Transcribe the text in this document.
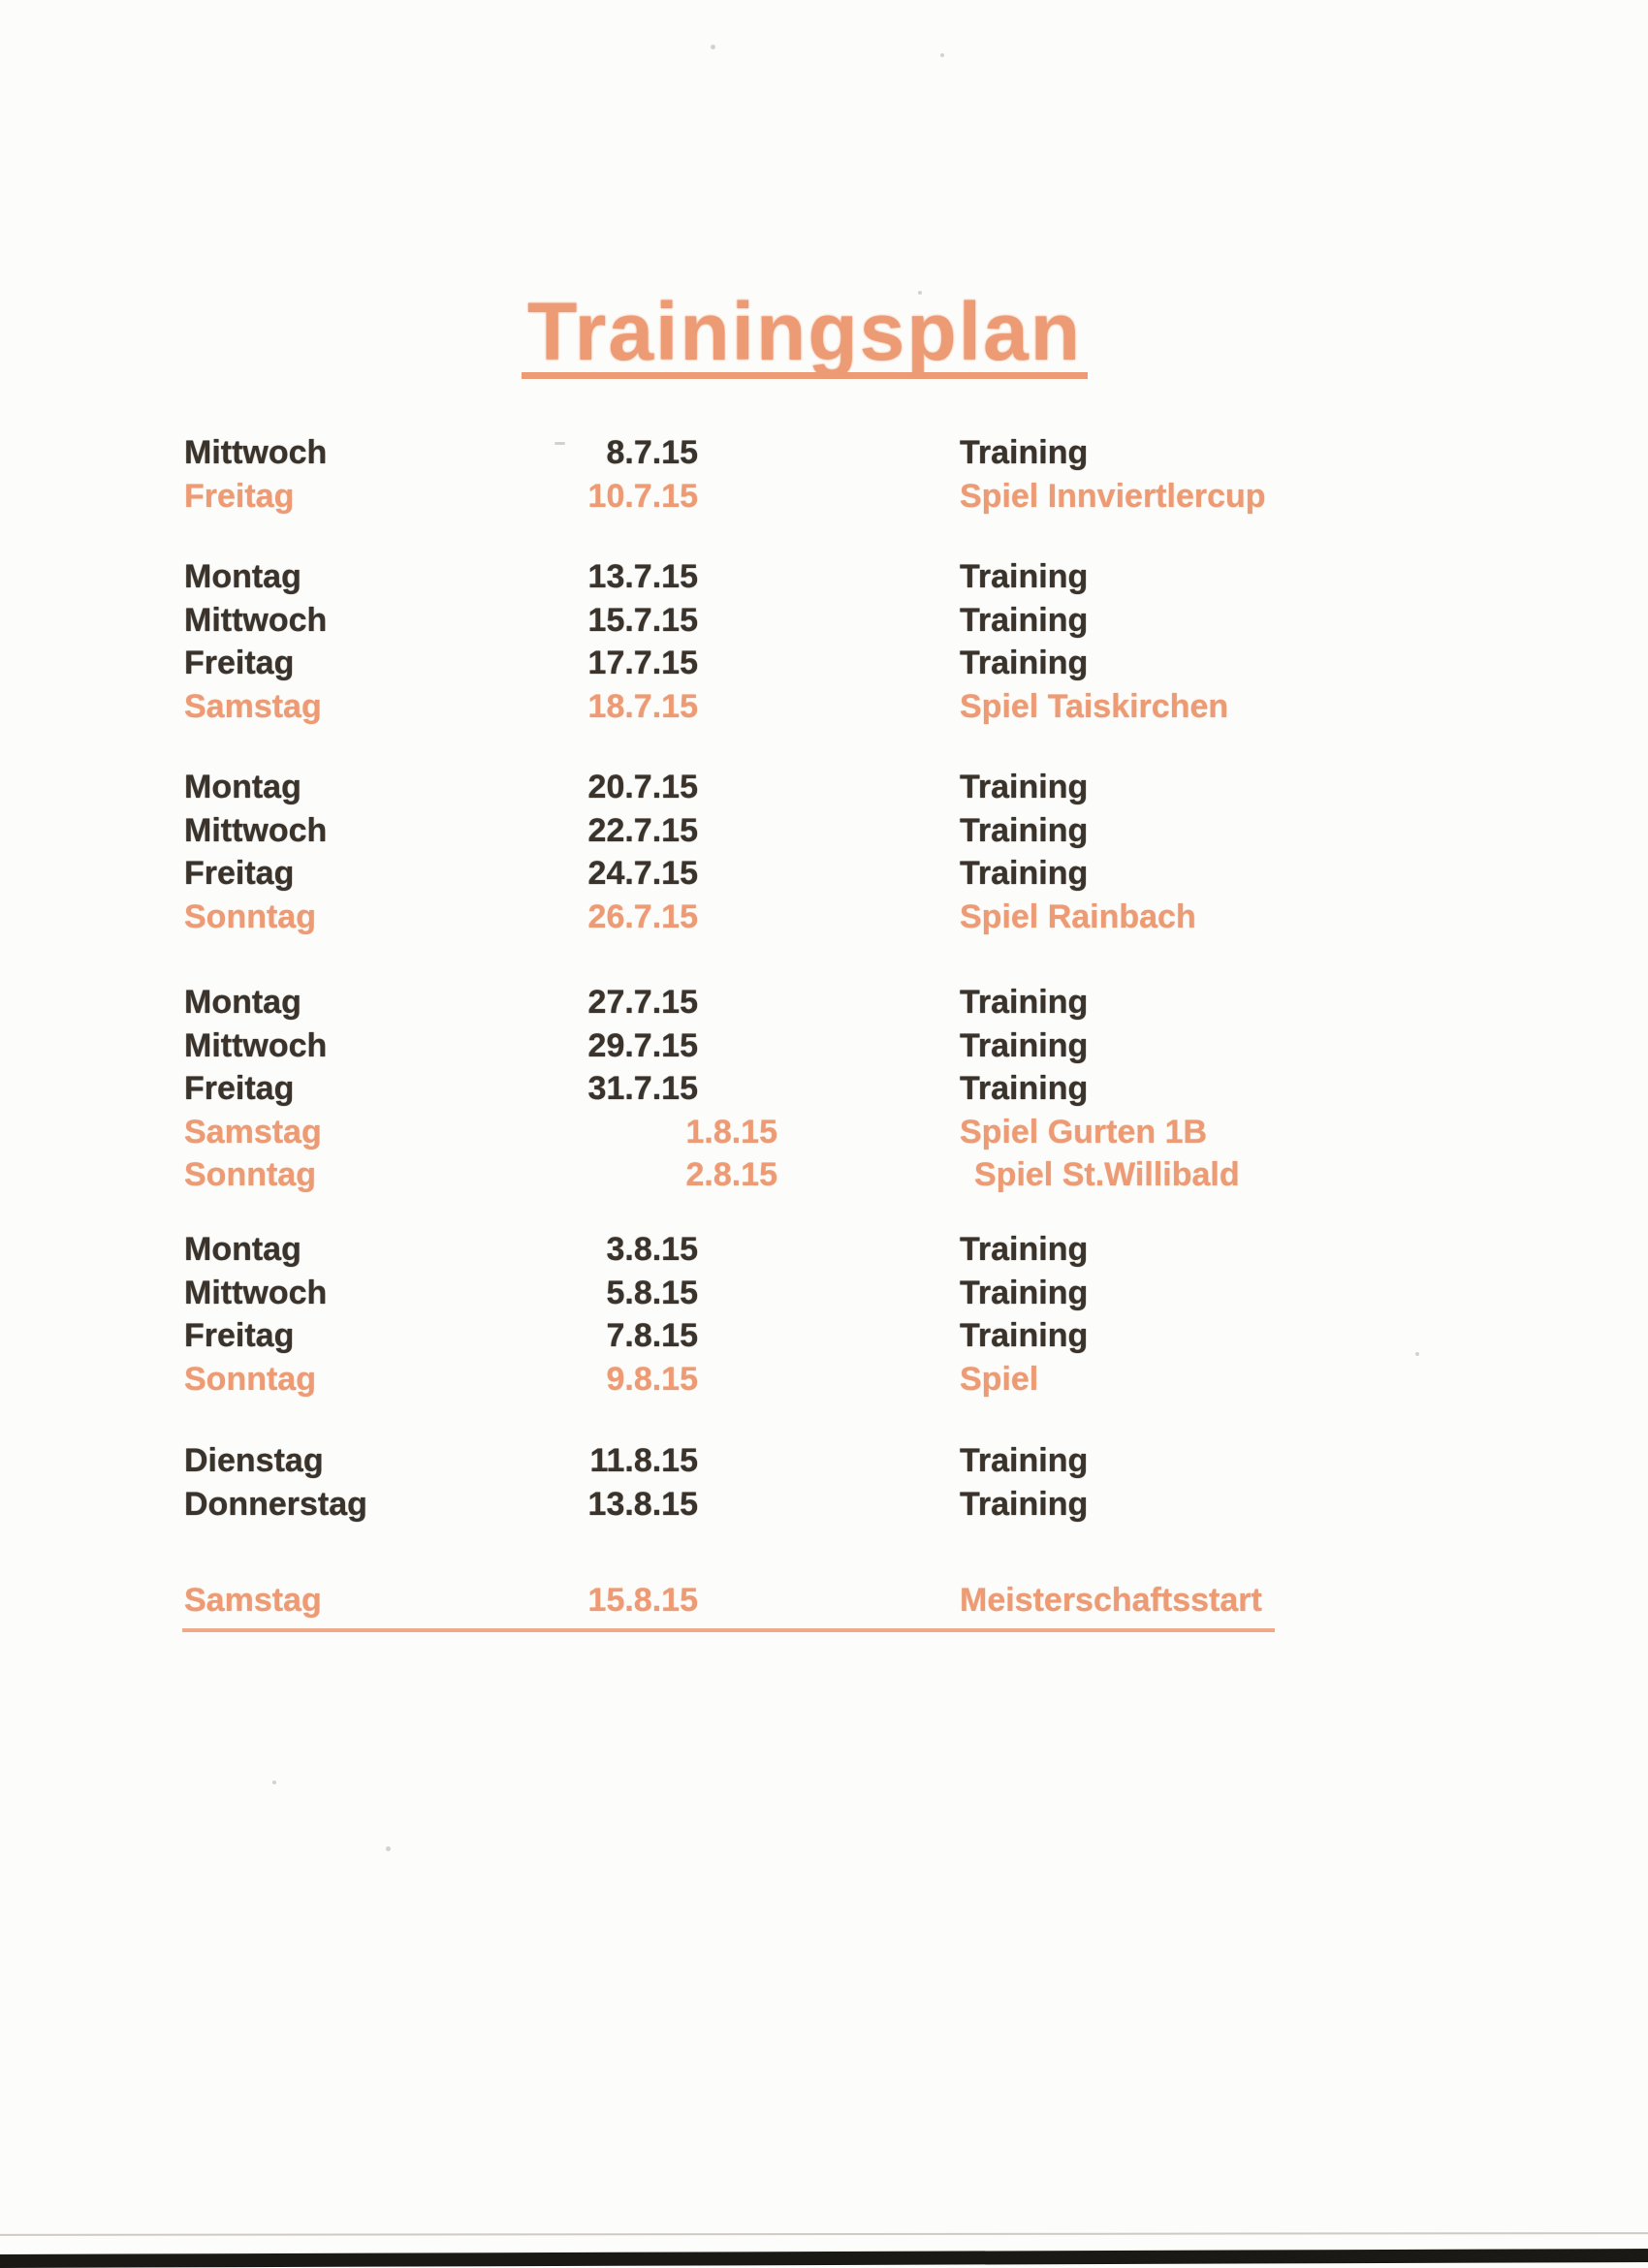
Trainingsplan
Mittwoch	8.7.15	Training
Freitag	10.7.15	Spiel Innviertlercup
Montag	13.7.15	Training
Mittwoch	15.7.15	Training
Freitag	17.7.15	Training
Samstag	18.7.15	Spiel Taiskirchen
Montag	20.7.15	Training
Mittwoch	22.7.15	Training
Freitag	24.7.15	Training
Sonntag	26.7.15	Spiel Rainbach
Montag	27.7.15	Training
Mittwoch	29.7.15	Training
Freitag	31.7.15	Training
Samstag	1.8.15	Spiel Gurten 1B
Sonntag	2.8.15	Spiel St.Willibald
Montag	3.8.15	Training
Mittwoch	5.8.15	Training
Freitag	7.8.15	Training
Sonntag	9.8.15	Spiel
Dienstag	11.8.15	Training
Donnerstag	13.8.15	Training
Samstag	15.8.15	Meisterschaftsstart
